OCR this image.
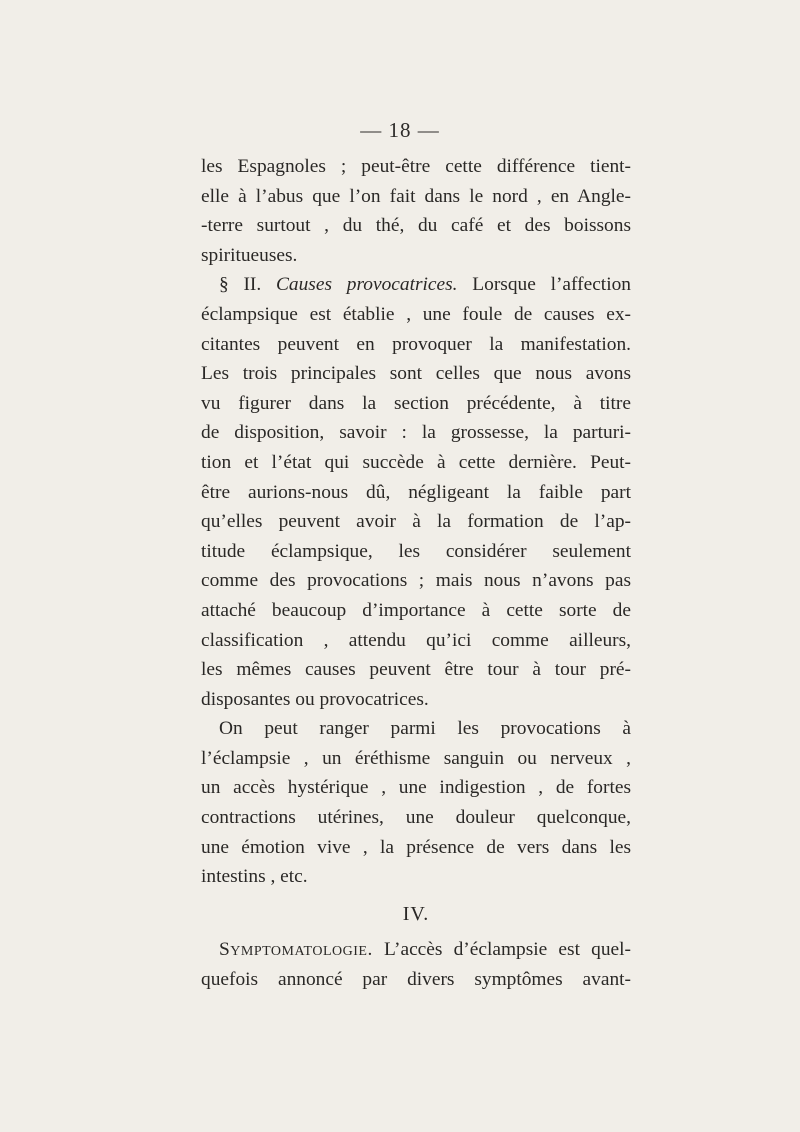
— 18 —
les Espagnoles ; peut-être cette différence tient-
elle à l’abus que l’on fait dans le nord , en Angle-
-terre surtout , du thé, du café et des boissons
spiritueuses.
§ II. Causes provocatrices. Lorsque l’affection
éclampsique est établie , une foule de causes ex-
citantes peuvent en provoquer la manifestation.
Les trois principales sont celles que nous avons
vu figurer dans la section précédente, à titre
de disposition, savoir : la grossesse, la parturi-
tion et l’état qui succède à cette dernière. Peut-
être aurions-nous dû, négligeant la faible part
qu’elles peuvent avoir à la formation de l’ap-
titude éclampsique, les considérer seulement
comme des provocations ; mais nous n’avons pas
attaché beaucoup d’importance à cette sorte de
classification , attendu qu’ici comme ailleurs,
les mêmes causes peuvent être tour à tour pré-
disposantes ou provocatrices.
On peut ranger parmi les provocations à
l’éclampsie , un éréthisme sanguin ou nerveux ,
un accès hystérique , une indigestion , de fortes
contractions utérines, une douleur quelconque,
une émotion vive , la présence de vers dans les
intestins , etc.
IV.
Symptomatologie. L’accès d’éclampsie est quel-
quefois annoncé par divers symptômes avant-
